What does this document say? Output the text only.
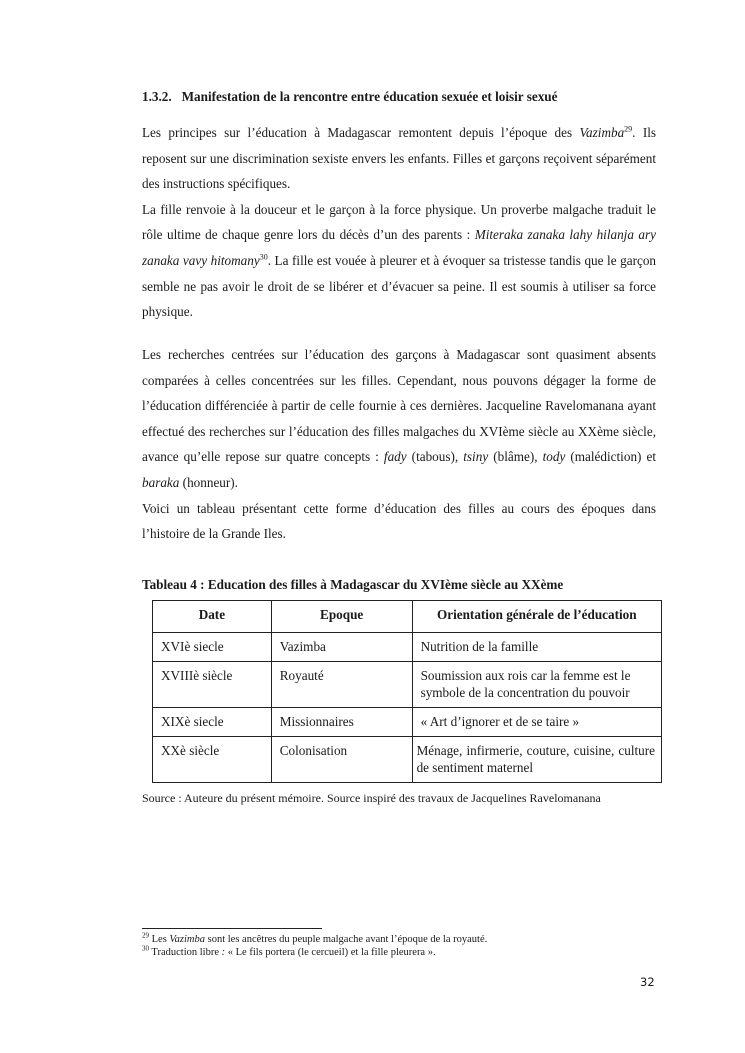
1.3.2. Manifestation de la rencontre entre éducation sexuée et loisir sexué

Les principes sur l’éducation à Madagascar remontent depuis l’époque des Vazimba$^{29}$. Ils reposent sur une discrimination sexiste envers les enfants. Filles et garçons reçoivent séparément des instructions spécifiques.

La fille renvoie à la douceur et le garçon à la force physique. Un proverbe malgache traduit le rôle ultime de chaque genre lors du décès d’un des parents : Miteraka zanaka lahy hilanja ary zanaka vavy hitomany$^{30}$. La fille est vouée à pleurer et à évoquer sa tristesse tandis que le garçon semble ne pas avoir le droit de se libérer et d’évacuer sa peine. Il est soumis à utiliser sa force physique.

Les recherches centrées sur l’éducation des garçons à Madagascar sont quasiment absents comparées à celles concentrées sur les filles. Cependant, nous pouvons dégager la forme de l’éducation différenciée à partir de celle fournie à ces dernières. Jacqueline Ravelomanana ayant effectué des recherches sur l’éducation des filles malgaches du XVIème siècle au XXème siècle, avance qu’elle repose sur quatre concepts : fady (tabous), tsiny (blâme), tody (malédiction) et baraka (honneur).

Voici un tableau présentant cette forme d’éducation des filles au cours des époques dans l’histoire de la Grande Iles.

Tableau 4 : Education des filles à Madagascar du XVIème siècle au XXème

Date	Epoque	Orientation générale de l’éducation
XVIè siecle	Vazimba	Nutrition de la famille
XVIIIè siècle	Royauté	Soumission aux rois car la femme est le symbole de la concentration du pouvoir
XIXè siecle	Missionnaires	« Art d’ignorer et de se taire »
XXè siècle	Colonisation	Ménage, infirmerie, couture, cuisine, culture de sentiment maternel

Source : Auteure du présent mémoire. Source inspiré des travaux de Jacquelines Ravelomanana

$^{29}$ Les Vazimba sont les ancêtres du peuple malgache avant l’époque de la royauté.

$^{30}$ Traduction libre : « Le fils portera (le cercueil) et la fille pleurera ».

32
